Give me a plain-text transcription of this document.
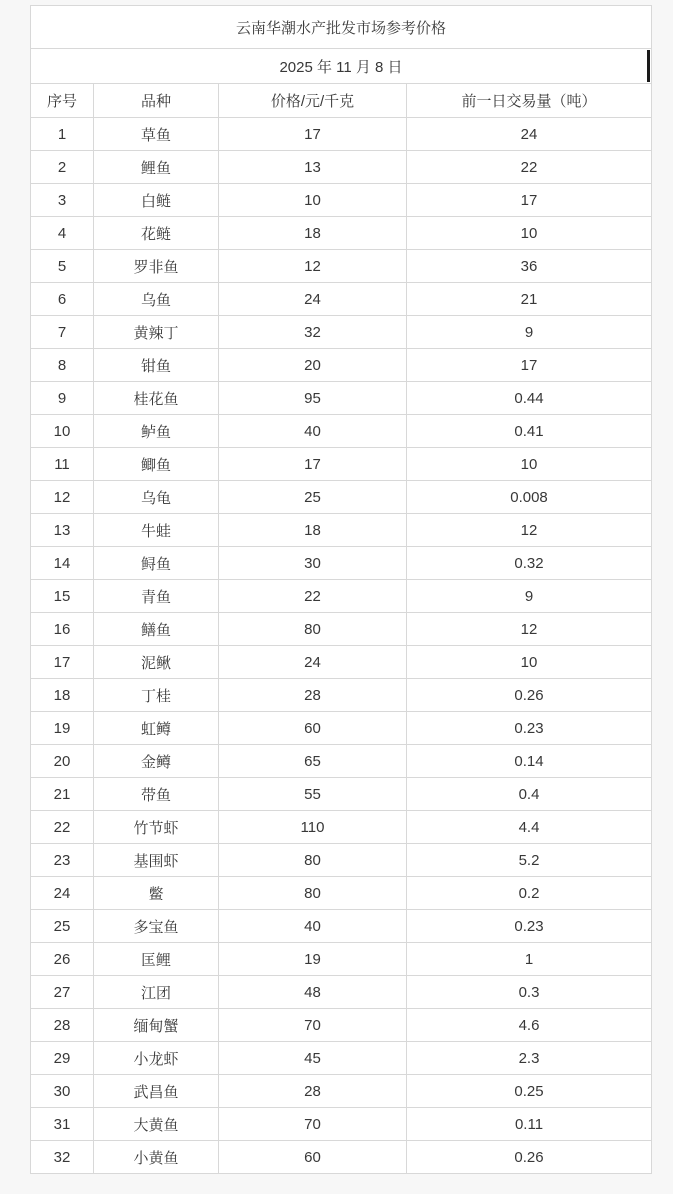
云南华潮水产批发市场参考价格			
2025 年 11 月 8 日			

序号	品种	价格/元/千克	前一日交易量（吨）
1	草鱼	17	24
2	鲤鱼	13	22
3	白鲢	10	17
4	花鲢	18	10
5	罗非鱼	12	36
6	乌鱼	24	21
7	黄辣丁	32	9
8	钳鱼	20	17
9	桂花鱼	95	0.44
10	鲈鱼	40	0.41
11	鲫鱼	17	10
12	乌龟	25	0.008
13	牛蛙	18	12
14	鲟鱼	30	0.32
15	青鱼	22	9
16	鳝鱼	80	12
17	泥鳅	24	10
18	丁桂	28	0.26
19	虹鳟	60	0.23
20	金鳟	65	0.14
21	带鱼	55	0.4
22	竹节虾	110	4.4
23	基围虾	80	5.2
24	鳖	80	0.2
25	多宝鱼	40	0.23
26	匡鲤	19	1
27	江团	48	0.3
28	缅甸蟹	70	4.6
29	小龙虾	45	2.3
30	武昌鱼	28	0.25
31	大黄鱼	70	0.11
32	小黄鱼	60	0.26
